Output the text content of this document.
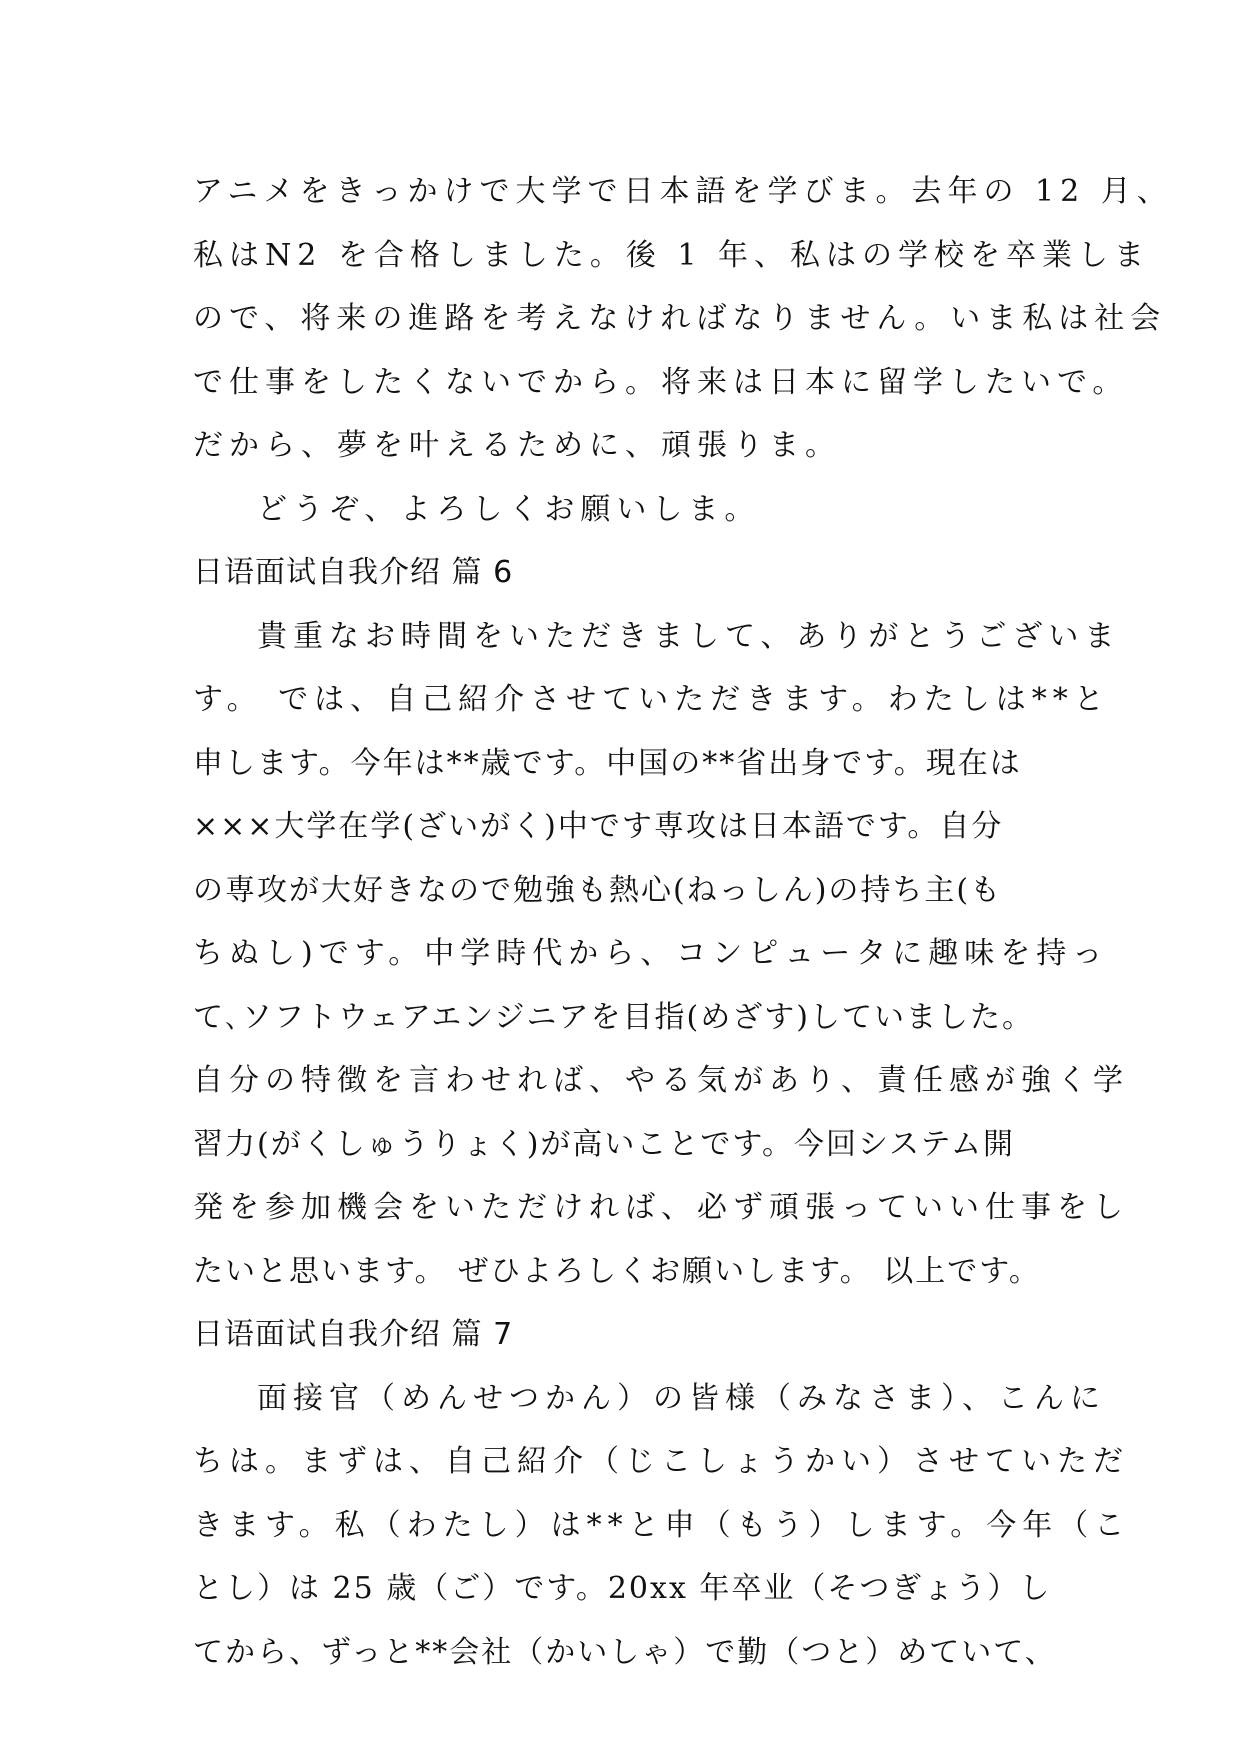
アニメをきっかけで大学で日本語を学びま。去年の 12 月、
私はN2 を合格しました。後 1 年、私はの学校を卒業しま
ので、将来の進路を考えなければなりません。いま私は社会
で仕事をしたくないでから。将来は日本に留学したいで。
だから、夢を叶えるために、頑張りま。
どうぞ、よろしくお願いしま。
日语面试自我介绍 篇 6
貴重なお時間をいただきまして、ありがとうございま
す。 では、自己紹介させていただきます。わたしは**と
申します。今年は**歳です。中国の**省出身です。現在は
×××大学在学(ざいがく)中です専攻は日本語です。自分
の専攻が大好きなので勉強も熱心(ねっしん)の持ち主(も
ちぬし)です。中学時代から、コンピュータに趣味を持っ
て､ソフトウェアエンジニアを目指(めざす)していました。
自分の特徴を言わせれば、やる気があり、責任感が強く学
習力(がくしゅうりょく)が高いことです。今回システム開
発を参加機会をいただければ、必ず頑張っていい仕事をし
たいと思います。 ぜひよろしくお願いします。 以上です。
日语面试自我介绍 篇 7
面接官（めんせつかん）の皆様（みなさま）、こんに
ちは。まずは、自己紹介（じこしょうかい）させていただ
きます。私（わたし）は**と申（もう）します。今年（こ
とし）は 25 歳（ご）です。20xx 年卒业（そつぎょう）し
てから、ずっと**会社（かいしゃ）で勤（つと）めていて、
